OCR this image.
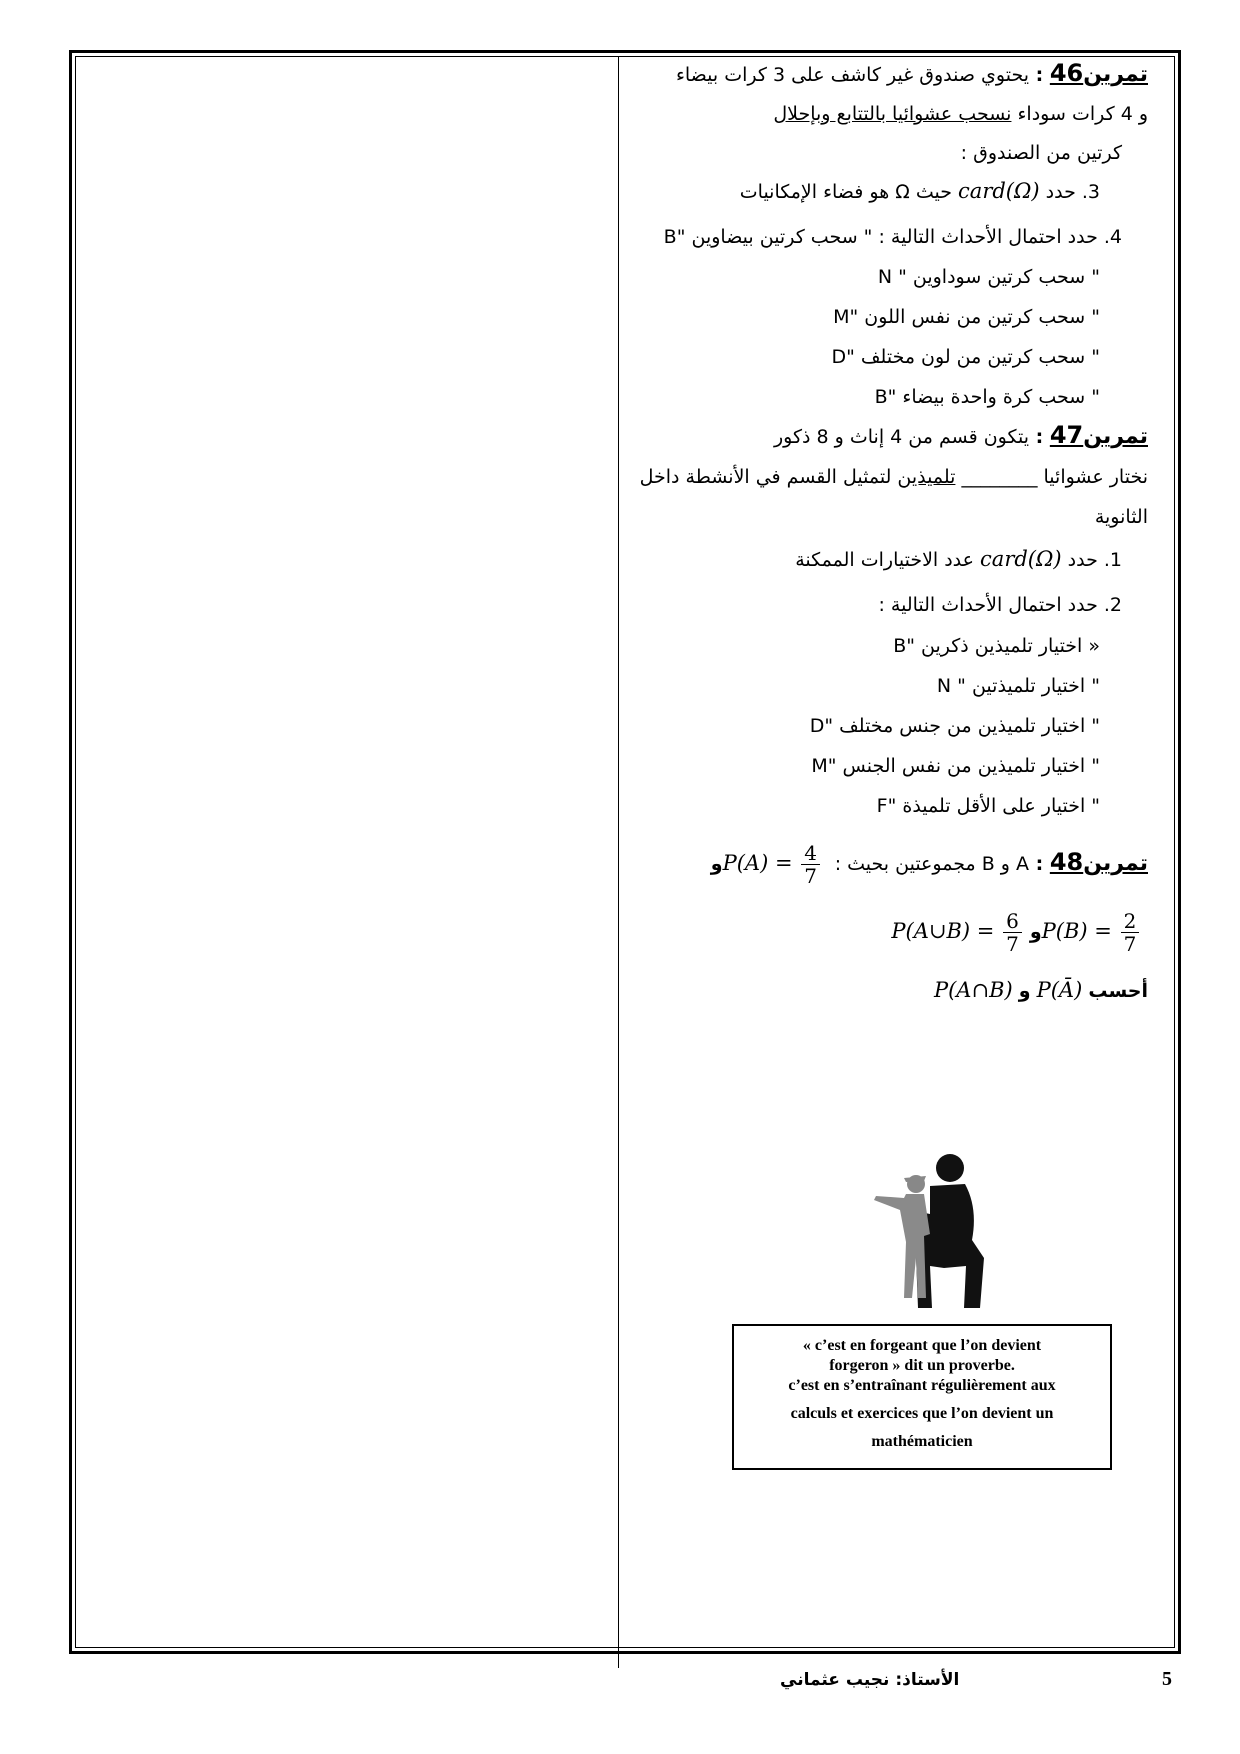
تمرين46 : يحتوي صندوق غير كاشف على 3 كرات بيضاء
و 4 كرات سوداء نسحب عشوائيا بالتتابع وبإحلال
كرتين من الصندوق :
3. حدد card(Ω) حيث Ω هو فضاء الإمكانيات
4. حدد احتمال الأحداث التالية : " سحب كرتين بيضاوين "B
" سحب كرتين سوداوين " N
" سحب كرتين من نفس اللون "M
" سحب كرتين من لون مختلف "D
" سحب كرة واحدة بيضاء "B
تمرين47 : يتكون قسم من 4 إناث و 8 ذكور
نختار عشوائيا ________ تلميذين لتمثيل القسم في الأنشطة داخل
الثانوية
1. حدد card(Ω) عدد الاختيارات الممكنة
2. حدد احتمال الأحداث التالية :
« اختيار تلميذين ذكرين "B
" اختيار تلميذتين " N
" اختيار تلميذين من جنس مختلف "D
" اختيار تلميذين من نفس الجنس "M
" اختيار على الأقل تلميذة "F
تمرين48 : A و B مجموعتين بحيث : $P(A) = \frac{4}{7}$
و
$P(B) = \frac{2}{7}$
و P(A∪B) = $\frac{6}{7}$
أحسب P(Ā) و P(A∩B)
« c’est en forgeant que l’on devient
forgeron » dit un proverbe.
c’est en s’entraînant régulièrement aux
calculs et exercices que l’on devient un
mathématicien
الأستاذ: نجيب عثماني	5
